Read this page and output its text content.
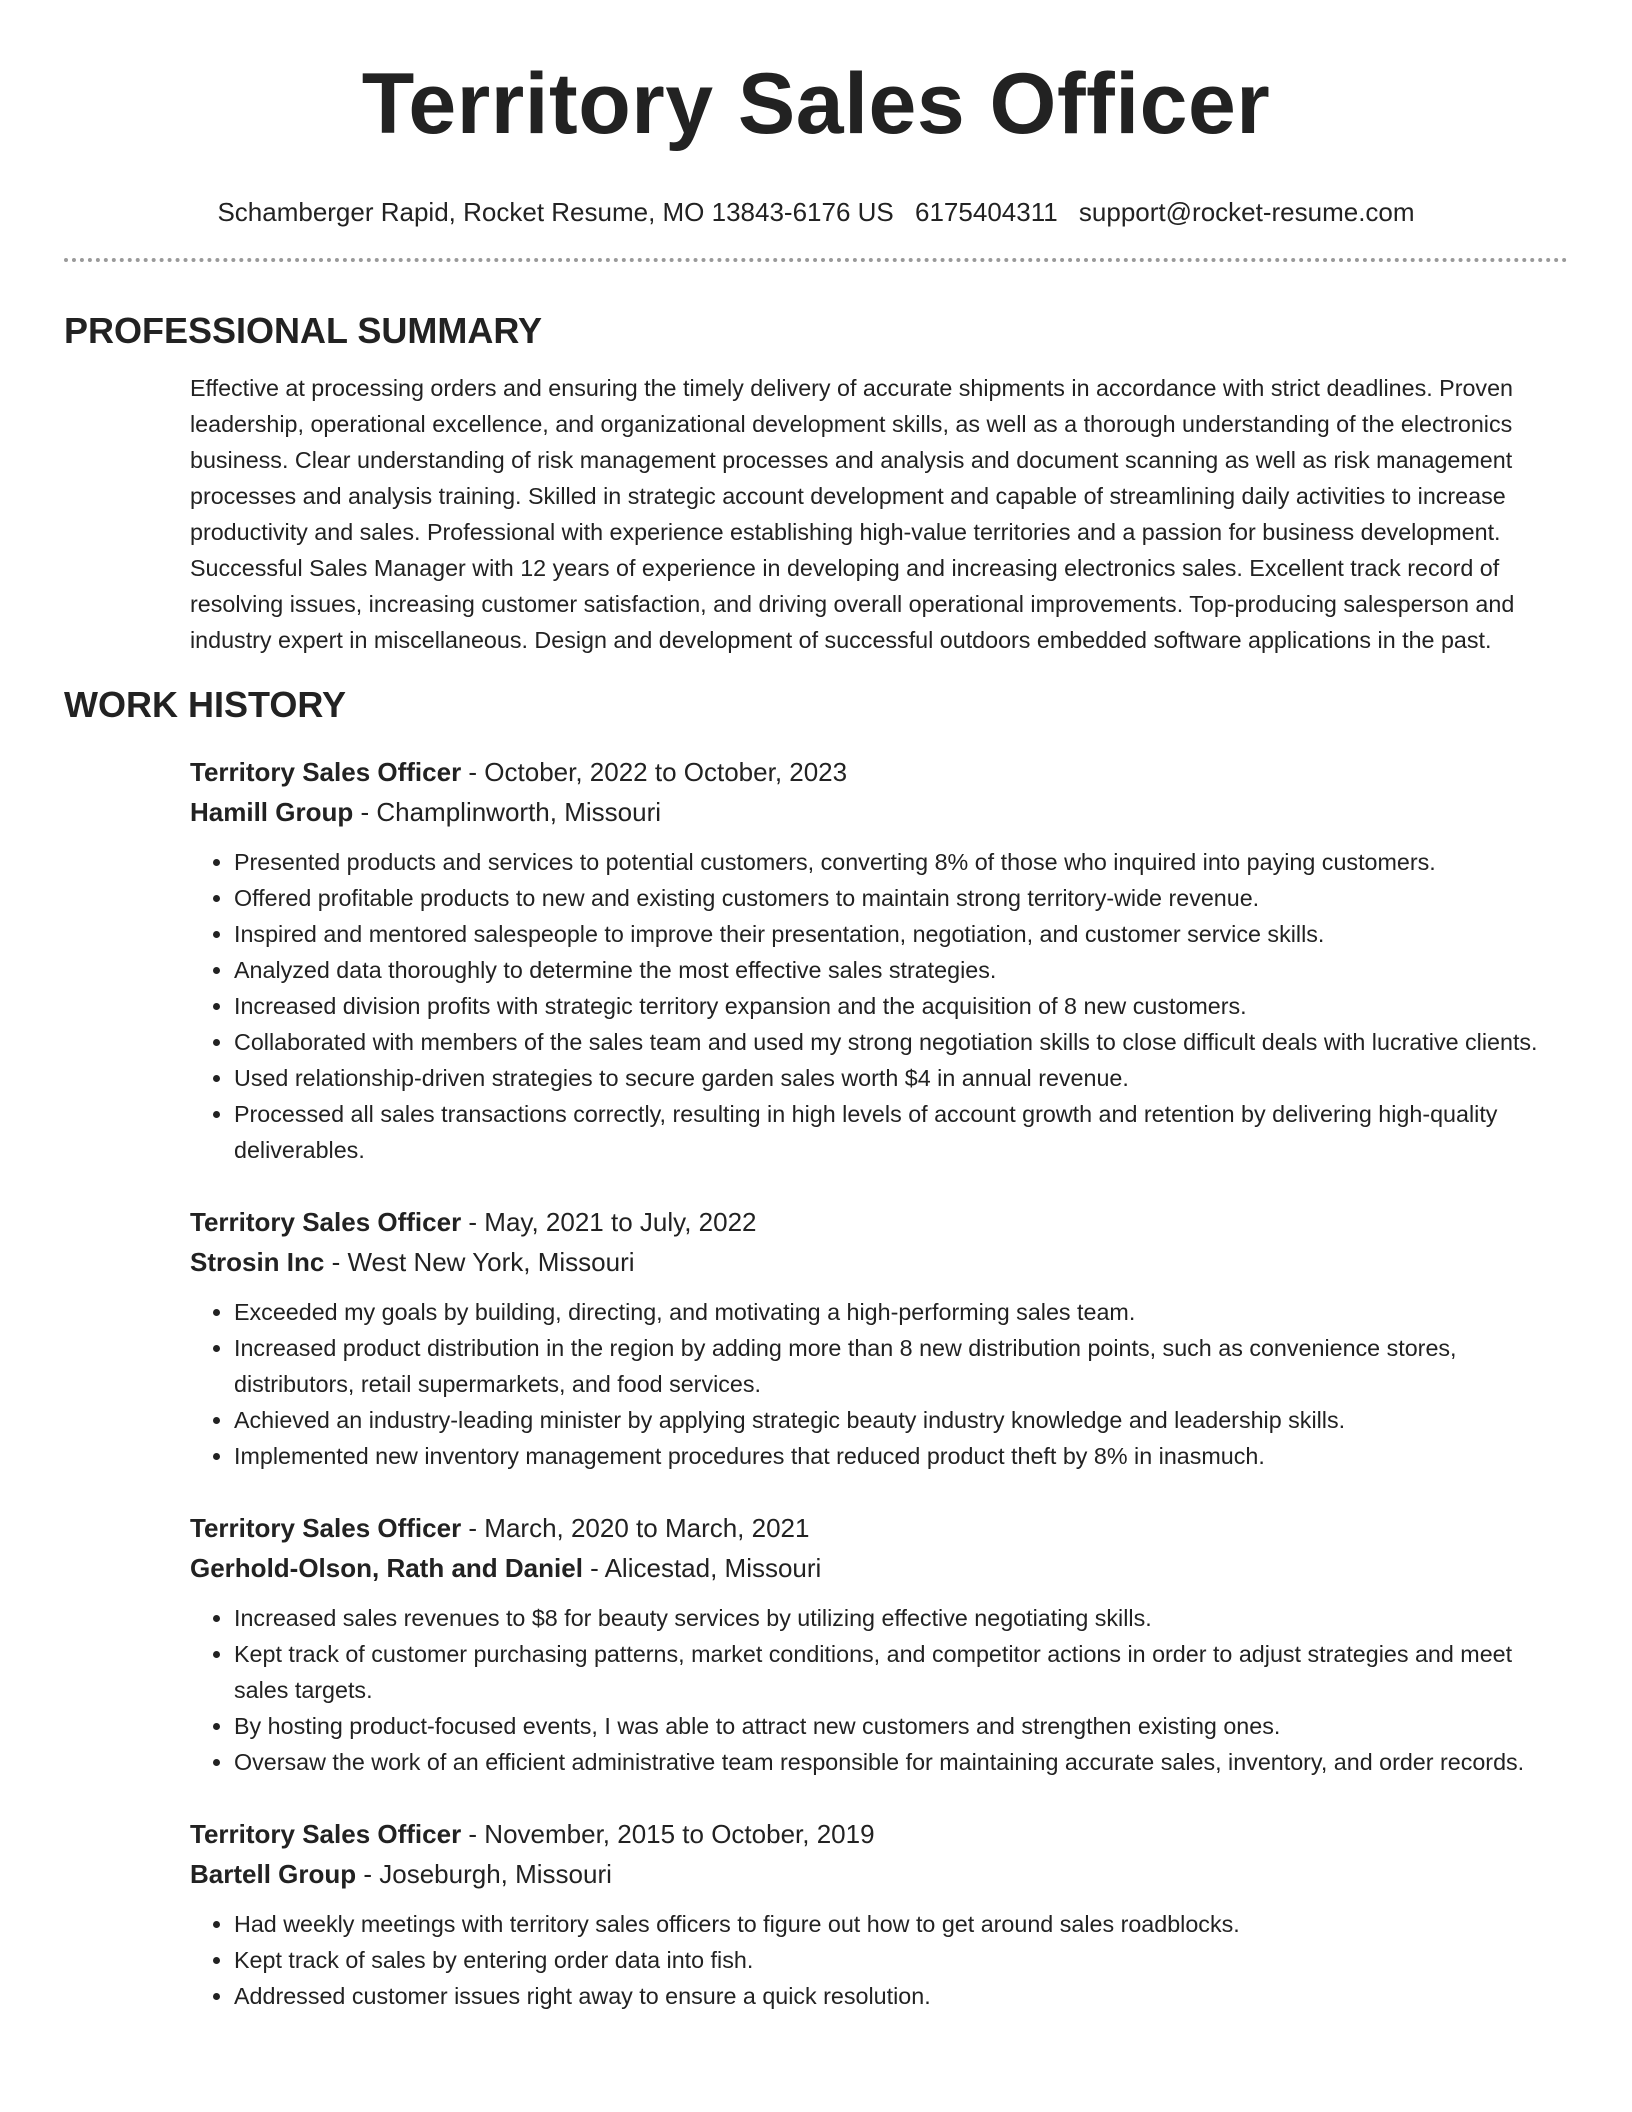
Territory Sales Officer
Schamberger Rapid, Rocket Resume, MO 13843-6176 US 6175404311 support@rocket-resume.com
PROFESSIONAL SUMMARY

Effective at processing orders and ensuring the timely delivery of accurate shipments in accordance with strict deadlines. Proven leadership, operational excellence, and organizational development skills, as well as a thorough understanding of the electronics business. Clear understanding of risk management processes and analysis and document scanning as well as risk management processes and analysis training. Skilled in strategic account development and capable of streamlining daily activities to increase productivity and sales. Professional with experience establishing high-value territories and a passion for business development. Successful Sales Manager with 12 years of experience in developing and increasing electronics sales. Excellent track record of resolving issues, increasing customer satisfaction, and driving overall operational improvements. Top-producing salesperson and industry expert in miscellaneous. Design and development of successful outdoors embedded software applications in the past.

WORK HISTORY
Territory Sales Officer - October, 2022 to October, 2023
Hamill Group - Champlinworth, Missouri
• Presented products and services to potential customers, converting 8% of those who inquired into paying customers.
• Offered profitable products to new and existing customers to maintain strong territory-wide revenue.
• Inspired and mentored salespeople to improve their presentation, negotiation, and customer service skills.
• Analyzed data thoroughly to determine the most effective sales strategies.
• Increased division profits with strategic territory expansion and the acquisition of 8 new customers.
• Collaborated with members of the sales team and used my strong negotiation skills to close difficult deals with lucrative clients.
• Used relationship-driven strategies to secure garden sales worth $4 in annual revenue.
• Processed all sales transactions correctly, resulting in high levels of account growth and retention by delivering high-quality deliverables.
Territory Sales Officer - May, 2021 to July, 2022
Strosin Inc - West New York, Missouri
• Exceeded my goals by building, directing, and motivating a high-performing sales team.
• Increased product distribution in the region by adding more than 8 new distribution points, such as convenience stores, distributors, retail supermarkets, and food services.
• Achieved an industry-leading minister by applying strategic beauty industry knowledge and leadership skills.
• Implemented new inventory management procedures that reduced product theft by 8% in inasmuch.
Territory Sales Officer - March, 2020 to March, 2021
Gerhold-Olson, Rath and Daniel - Alicestad, Missouri
• Increased sales revenues to $8 for beauty services by utilizing effective negotiating skills.
• Kept track of customer purchasing patterns, market conditions, and competitor actions in order to adjust strategies and meet sales targets.
• By hosting product-focused events, I was able to attract new customers and strengthen existing ones.
• Oversaw the work of an efficient administrative team responsible for maintaining accurate sales, inventory, and order records.
Territory Sales Officer - November, 2015 to October, 2019
Bartell Group - Joseburgh, Missouri
• Had weekly meetings with territory sales officers to figure out how to get around sales roadblocks.
• Kept track of sales by entering order data into fish.
• Addressed customer issues right away to ensure a quick resolution.
